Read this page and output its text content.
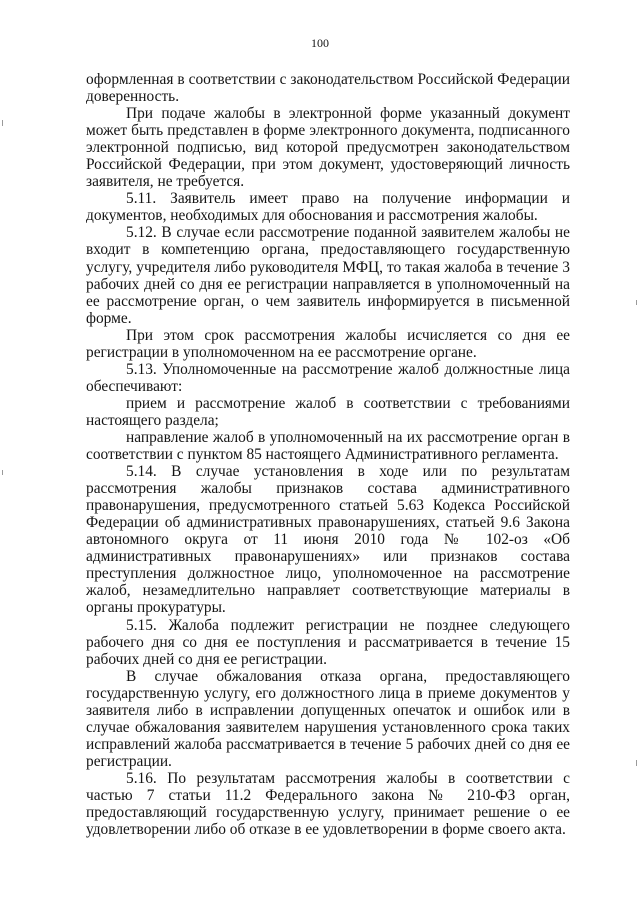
100

оформленная в соответствии с законодательством Российской Федерации доверенность.

При подаче жалобы в электронной форме указанный документ может быть представлен в форме электронного документа, подписанного электронной подписью, вид которой предусмотрен законодательством Российской Федерации, при этом документ, удостоверяющий личность заявителя, не требуется.

5.11. Заявитель имеет право на получение информации и документов, необходимых для обоснования и рассмотрения жалобы.

5.12. В случае если рассмотрение поданной заявителем жалобы не входит в компетенцию органа, предоставляющего государственную услугу, учредителя либо руководителя МФЦ, то такая жалоба в течение 3 рабочих дней со дня ее регистрации направляется в уполномоченный на ее рассмотрение орган, о чем заявитель информируется в письменной форме.

При этом срок рассмотрения жалобы исчисляется со дня ее регистрации в уполномоченном на ее рассмотрение органе.

5.13. Уполномоченные на рассмотрение жалоб должностные лица обеспечивают:

прием и рассмотрение жалоб в соответствии с требованиями настоящего раздела;

направление жалоб в уполномоченный на их рассмотрение орган в соответствии с пунктом 85 настоящего Административного регламента.

5.14. В случае установления в ходе или по результатам рассмотрения жалобы признаков состава административного правонарушения, предусмотренного статьей 5.63 Кодекса Российской Федерации об административных правонарушениях, статьей 9.6 Закона автономного округа от 11 июня 2010 года № 102-оз «Об административных правонарушениях» или признаков состава преступления должностное лицо, уполномоченное на рассмотрение жалоб, незамедлительно направляет соответствующие материалы в органы прокуратуры.

5.15. Жалоба подлежит регистрации не позднее следующего рабочего дня со дня ее поступления и рассматривается в течение 15 рабочих дней со дня ее регистрации.

В случае обжалования отказа органа, предоставляющего государственную услугу, его должностного лица в приеме документов у заявителя либо в исправлении допущенных опечаток и ошибок или в случае обжалования заявителем нарушения установленного срока таких исправлений жалоба рассматривается в течение 5 рабочих дней со дня ее регистрации.

5.16. По результатам рассмотрения жалобы в соответствии с частью 7 статьи 11.2 Федерального закона № 210-ФЗ орган, предоставляющий государственную услугу, принимает решение о ее удовлетворении либо об отказе в ее удовлетворении в форме своего акта.
